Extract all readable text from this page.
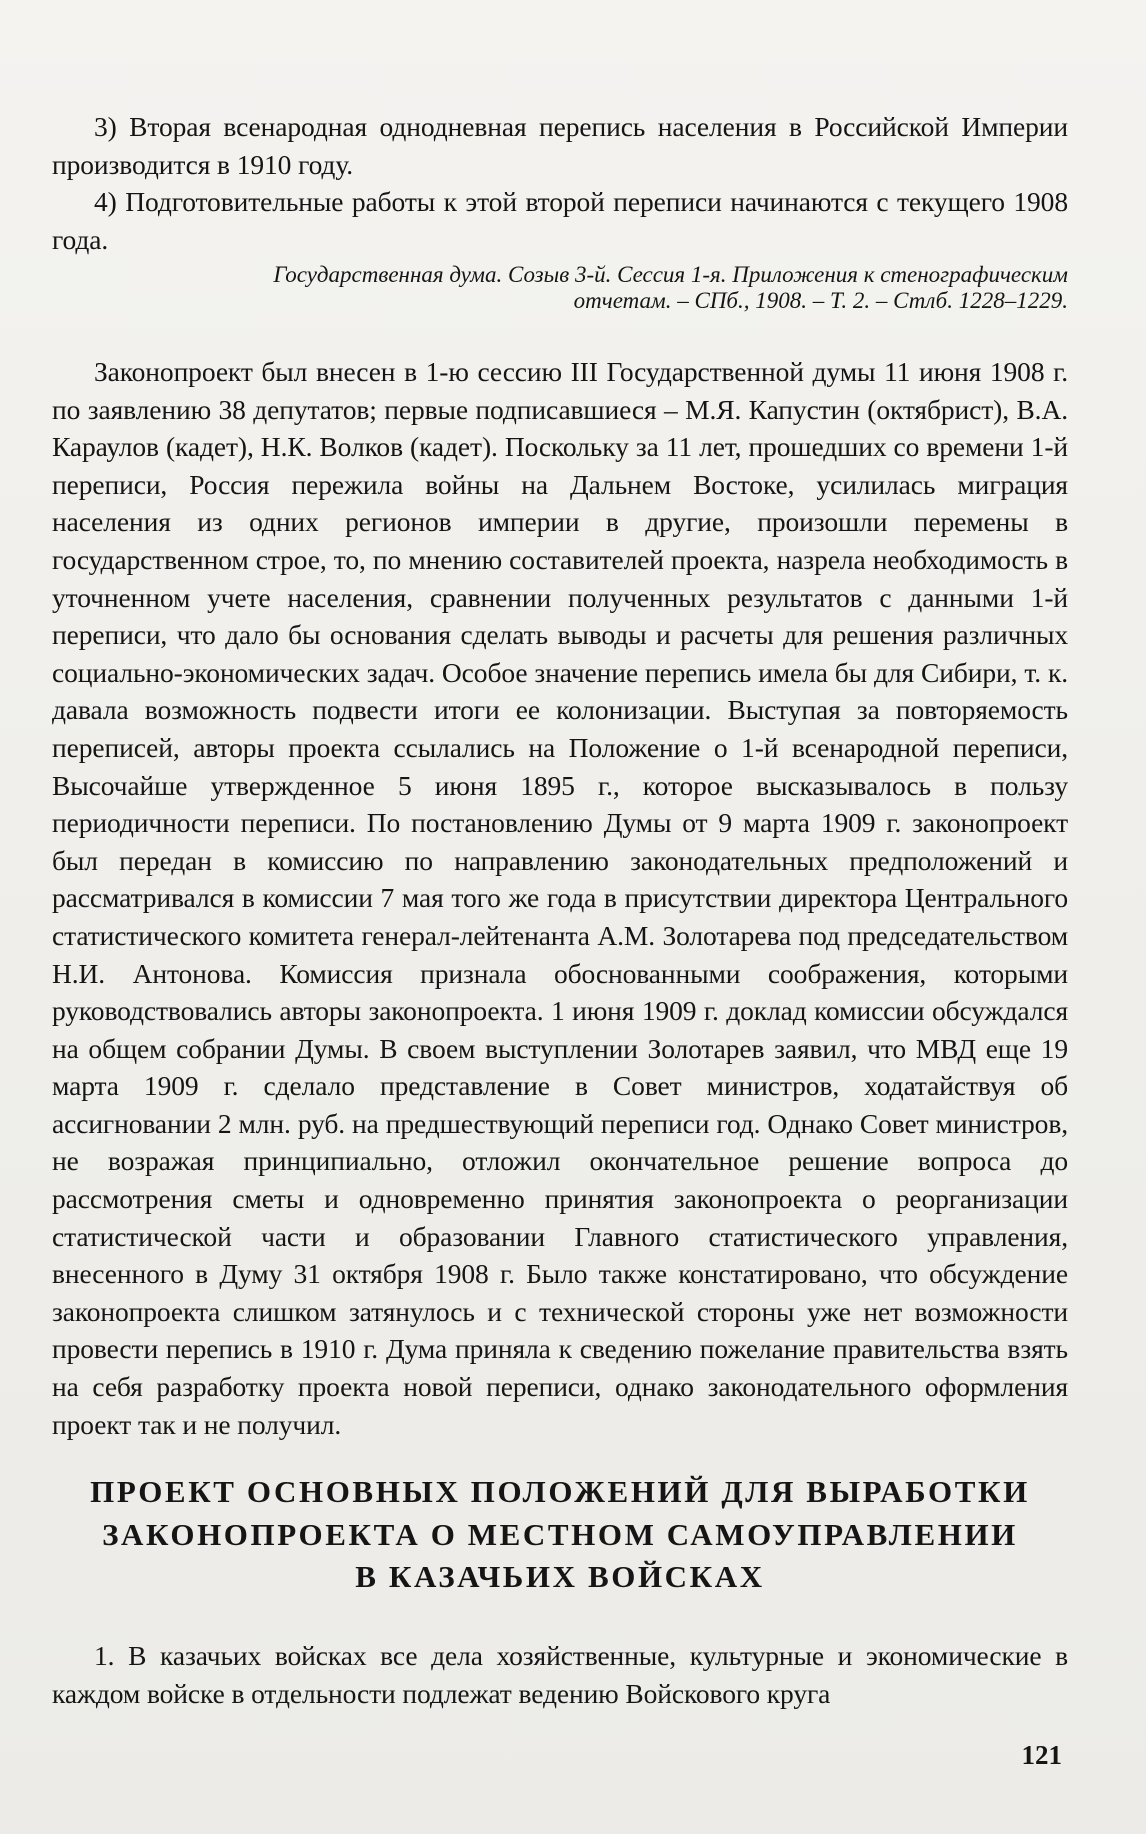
3) Вторая всенародная однодневная перепись населения в Российской Империи производится в 1910 году.

4) Подготовительные работы к этой второй переписи начинаются с текущего 1908 года.

Государственная дума. Созыв 3-й. Сессия 1-я. Приложения к стенографическим
отчетам. – СПб., 1908. – Т. 2. – Стлб. 1228–1229.

Законопроект был внесен в 1-ю сессию III Государственной думы 11 июня 1908 г. по заявлению 38 депутатов; первые подписавшиеся – М.Я. Капустин (октябрист), В.А. Караулов (кадет), Н.К. Волков (кадет). Поскольку за 11 лет, прошедших со времени 1-й переписи, Россия пережила войны на Дальнем Востоке, усилилась миграция населения из одних регионов империи в другие, произошли перемены в государственном строе, то, по мнению составителей проекта, назрела необходимость в уточненном учете населения, сравнении полученных результатов с данными 1-й переписи, что дало бы основания сделать выводы и расчеты для решения различных социально-экономических задач. Особое значение перепись имела бы для Сибири, т. к. давала возможность подвести итоги ее колонизации. Выступая за повторяемость переписей, авторы проекта ссылались на Положение о 1-й всенародной переписи, Высочайше утвержденное 5 июня 1895 г., которое высказывалось в пользу периодичности переписи. По постановлению Думы от 9 марта 1909 г. законопроект был передан в комиссию по направлению законодательных предположений и рассматривался в комиссии 7 мая того же года в присутствии директора Центрального статистического комитета генерал-лейтенанта А.М. Золотарева под председательством Н.И. Антонова. Комиссия признала обоснованными соображения, которыми руководствовались авторы законопроекта. 1 июня 1909 г. доклад комиссии обсуждался на общем собрании Думы. В своем выступлении Золотарев заявил, что МВД еще 19 марта 1909 г. сделало представление в Совет министров, ходатайствуя об ассигновании 2 млн. руб. на предшествующий переписи год. Однако Совет министров, не возражая принципиально, отложил окончательное решение вопроса до рассмотрения сметы и одновременно принятия законопроекта о реорганизации статистической части и образовании Главного статистического управления, внесенного в Думу 31 октября 1908 г. Было также констатировано, что обсуждение законопроекта слишком затянулось и с технической стороны уже нет возможности провести перепись в 1910 г. Дума приняла к сведению пожелание правительства взять на себя разработку проекта новой переписи, однако законодательного оформления проект так и не получил.

ПРОЕКТ ОСНОВНЫХ ПОЛОЖЕНИЙ ДЛЯ ВЫРАБОТКИ
ЗАКОНОПРОЕКТА О МЕСТНОМ САМОУПРАВЛЕНИИ
В КАЗАЧЬИХ ВОЙСКАХ

1. В казачьих войсках все дела хозяйственные, культурные и экономические в каждом войске в отдельности подлежат ведению Войскового круга

121
